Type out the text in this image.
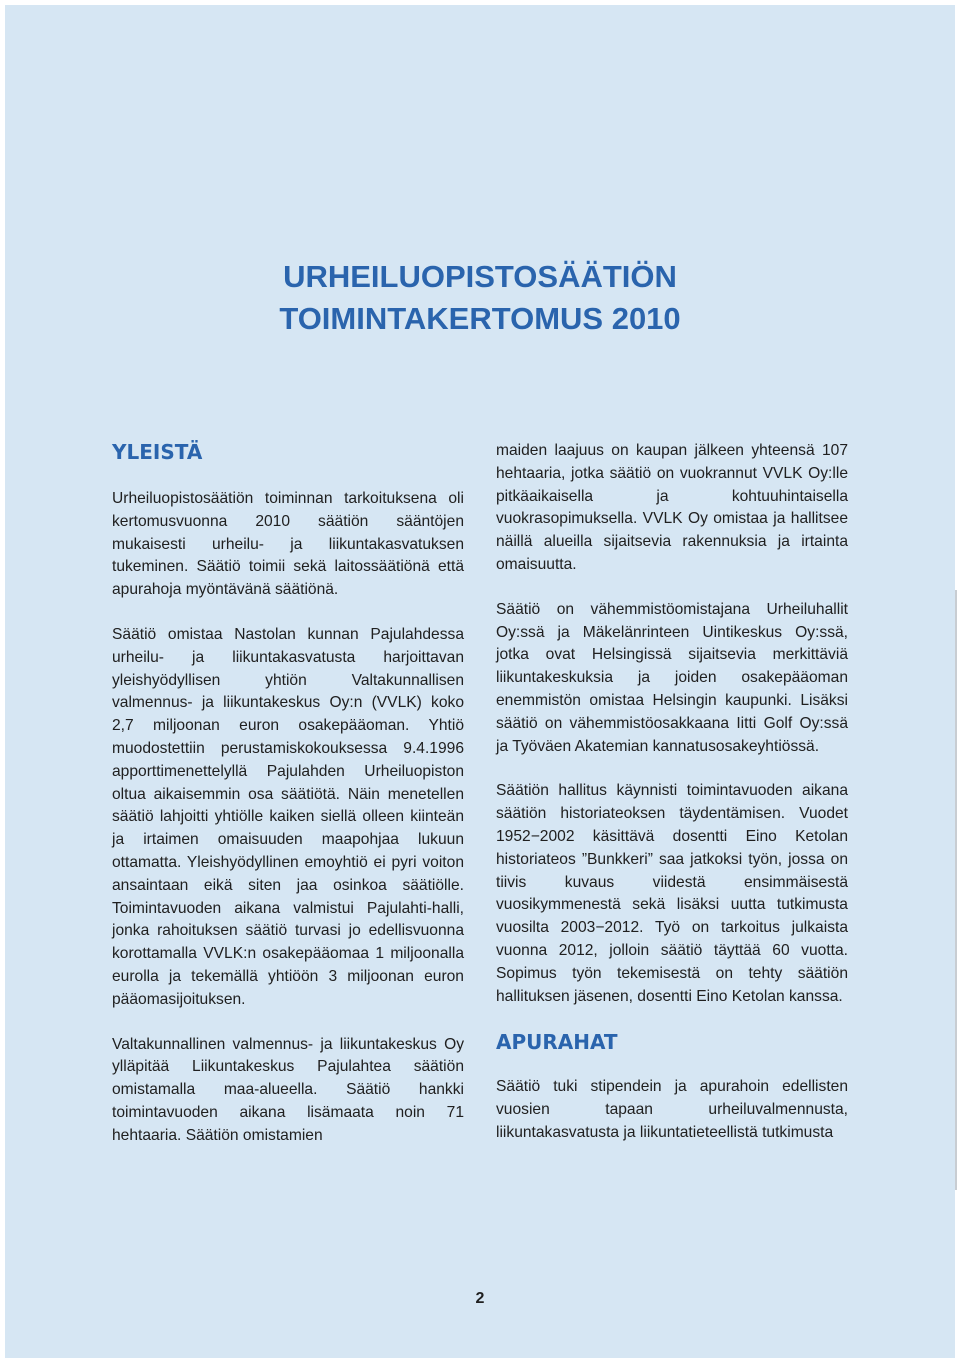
URHEILUOPISTOSÄÄTIÖN
TOIMINTAKERTOMUS 2010
YLEISTÄ

Urheiluopistosäätiön toiminnan tarkoituksena oli kertomusvuonna 2010 säätiön sääntöjen mukaisesti urheilu- ja liikuntakasvatuksen tukeminen. Säätiö toimii sekä laitossäätiönä että apurahoja myöntävänä säätiönä.

Säätiö omistaa Nastolan kunnan Pajulahdessa urheilu- ja liikuntakasvatusta harjoittavan yleishyödyllisen yhtiön Valtakunnallisen valmennus- ja liikuntakeskus Oy:n (VVLK) koko 2,7 miljoonan euron osakepääoman. Yhtiö muodostettiin perustamiskokouksessa 9.4.1996 apporttimenettelyllä Pajulahden Urheiluopiston oltua aikaisemmin osa säätiötä. Näin menetellen säätiö lahjoitti yhtiölle kaiken siellä olleen kiinteän ja irtaimen omaisuuden maapohjaa lukuun ottamatta. Yleishyödyllinen emoyhtiö ei pyri voiton ansaintaan eikä siten jaa osinkoa säätiölle. Toimintavuoden aikana valmistui Pajulahti-halli, jonka rahoituksen säätiö turvasi jo edellisvuonna korottamalla VVLK:n osakepääomaa 1 miljoonalla eurolla ja tekemällä yhtiöön 3 miljoonan euron pääomasijoituksen.

Valtakunnallinen valmennus- ja liikuntakeskus Oy ylläpitää Liikuntakeskus Pajulahtea säätiön omistamalla maa-alueella. Säätiö hankki toimintavuoden aikana lisämaata noin 71 hehtaaria. Säätiön omistamien

maiden laajuus on kaupan jälkeen yhteensä 107 hehtaaria, jotka säätiö on vuokrannut VVLK Oy:lle pitkäaikaisella ja kohtuuhintaisella vuokrasopimuksella. VVLK Oy omistaa ja hallitsee näillä alueilla sijaitsevia rakennuksia ja irtainta omaisuutta.

Säätiö on vähemmistöomistajana Urheiluhallit Oy:ssä ja Mäkelänrinteen Uintikeskus Oy:ssä, jotka ovat Helsingissä sijaitsevia merkittäviä liikuntakeskuksia ja joiden osakepääoman enemmistön omistaa Helsingin kaupunki. Lisäksi säätiö on vähemmistöosakkaana Iitti Golf Oy:ssä ja Työväen Akatemian kannatusosakeyhtiössä.

Säätiön hallitus käynnisti toimintavuoden aikana säätiön historiateoksen täydentämisen. Vuodet 1952−2002 käsittävä dosentti Eino Ketolan historiateos ”Bunkkeri” saa jatkoksi työn, jossa on tiivis kuvaus viidestä ensimmäisestä vuosikymmenestä sekä lisäksi uutta tutkimusta vuosilta 2003−2012. Työ on tarkoitus julkaista vuonna 2012, jolloin säätiö täyttää 60 vuotta. Sopimus työn tekemisestä on tehty säätiön hallituksen jäsenen, dosentti Eino Ketolan kanssa.

APURAHAT

Säätiö tuki stipendein ja apurahoin edellisten vuosien tapaan urheiluvalmennusta, liikuntakasvatusta ja liikuntatieteellistä tutkimusta

2
